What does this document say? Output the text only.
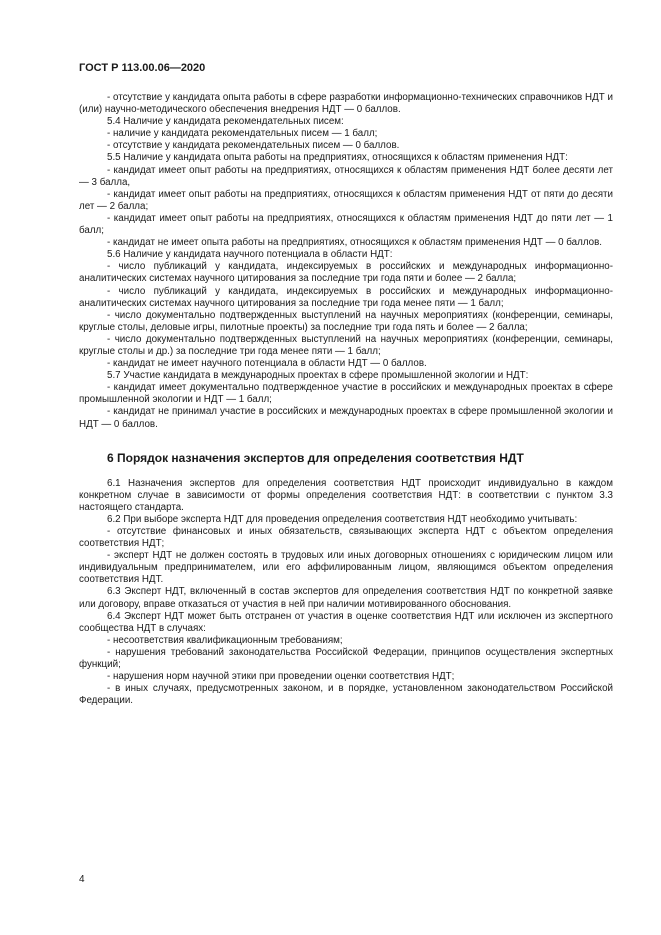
ГОСТ Р 113.00.06—2020

- отсутствие у кандидата опыта работы в сфере разработки информационно-технических справочников НДТ и (или) научно-методического обеспечения внедрения НДТ — 0 баллов.

5.4 Наличие у кандидата рекомендательных писем:

- наличие у кандидата рекомендательных писем — 1 балл;

- отсутствие у кандидата рекомендательных писем — 0 баллов.

5.5 Наличие у кандидата опыта работы на предприятиях, относящихся к областям применения НДТ:

- кандидат имеет опыт работы на предприятиях, относящихся к областям применения НДТ более десяти лет — 3 балла,

- кандидат имеет опыт работы на предприятиях, относящихся к областям применения НДТ от пяти до десяти лет — 2 балла;

- кандидат имеет опыт работы на предприятиях, относящихся к областям применения НДТ до пяти лет — 1 балл;

- кандидат не имеет опыта работы на предприятиях, относящихся к областям применения НДТ — 0 баллов.

5.6 Наличие у кандидата научного потенциала в области НДТ:

- число публикаций у кандидата, индексируемых в российских и международных информационно-аналитических системах научного цитирования за последние три года пяти и более — 2 балла;

- число публикаций у кандидата, индексируемых в российских и международных информационно-аналитических системах научного цитирования за последние три года менее пяти — 1 балл;

- число документально подтвержденных выступлений на научных мероприятиях (конференции, семинары, круглые столы, деловые игры, пилотные проекты) за последние три года пять и более — 2 балла;

- число документально подтвержденных выступлений на научных мероприятиях (конференции, семинары, круглые столы и др.) за последние три года менее пяти — 1 балл;

- кандидат не имеет научного потенциала в области НДТ — 0 баллов.

5.7 Участие кандидата в международных проектах в сфере промышленной экологии и НДТ:

- кандидат имеет документально подтвержденное участие в российских и международных проектах в сфере промышленной экологии и НДТ — 1 балл;

- кандидат не принимал участие в российских и международных проектах в сфере промышленной экологии и НДТ — 0 баллов.

6 Порядок назначения экспертов для определения соответствия НДТ

6.1 Назначения экспертов для определения соответствия НДТ происходит индивидуально в каждом конкретном случае в зависимости от формы определения соответствия НДТ: в соответствии с пунктом 3.3 настоящего стандарта.

6.2 При выборе эксперта НДТ для проведения определения соответствия НДТ необходимо учитывать:

- отсутствие финансовых и иных обязательств, связывающих эксперта НДТ с объектом определения соответствия НДТ;

- эксперт НДТ не должен состоять в трудовых или иных договорных отношениях с юридическим лицом или индивидуальным предпринимателем, или его аффилированным лицом, являющимся объектом определения соответствия НДТ.

6.3 Эксперт НДТ, включенный в состав экспертов для определения соответствия НДТ по конкретной заявке или договору, вправе отказаться от участия в ней при наличии мотивированного обоснования.

6.4 Эксперт НДТ может быть отстранен от участия в оценке соответствия НДТ или исключен из экспертного сообщества НДТ в случаях:

- несоответствия квалификационным требованиям;

- нарушения требований законодательства Российской Федерации, принципов осуществления экспертных функций;

- нарушения норм научной этики при проведении оценки соответствия НДТ;

- в иных случаях, предусмотренных законом, и в порядке, установленном законодательством Российской Федерации.

4
